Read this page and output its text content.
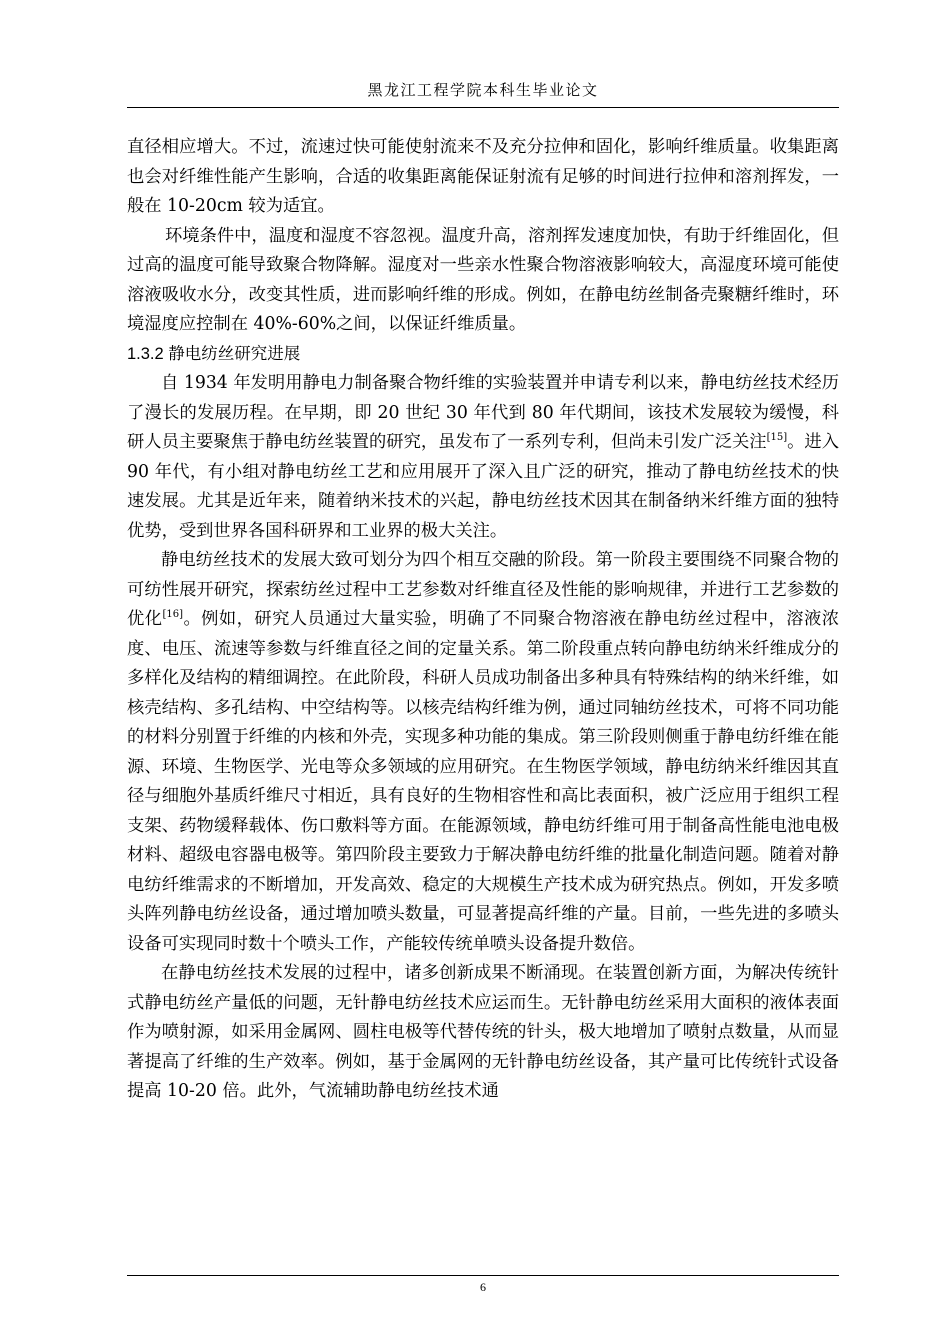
黑龙江工程学院本科生毕业论文

直径相应增大。不过，流速过快可能使射流来不及充分拉伸和固化，影响纤维质量。收集距离也会对纤维性能产生影响，合适的收集距离能保证射流有足够的时间进行拉伸和溶剂挥发，一般在 10-20cm 较为适宜。

环境条件中，温度和湿度不容忽视。温度升高，溶剂挥发速度加快，有助于纤维固化，但过高的温度可能导致聚合物降解。湿度对一些亲水性聚合物溶液影响较大，高湿度环境可能使溶液吸收水分，改变其性质，进而影响纤维的形成。例如，在静电纺丝制备壳聚糖纤维时，环境湿度应控制在 40%-60%之间，以保证纤维质量。

1.3.2 静电纺丝研究进展

自 1934 年发明用静电力制备聚合物纤维的实验装置并申请专利以来，静电纺丝技术经历了漫长的发展历程。在早期，即 20 世纪 30 年代到 80 年代期间，该技术发展较为缓慢，科研人员主要聚焦于静电纺丝装置的研究，虽发布了一系列专利，但尚未引发广泛关注[15]。进入 90 年代，有小组对静电纺丝工艺和应用展开了深入且广泛的研究，推动了静电纺丝技术的快速发展。尤其是近年来，随着纳米技术的兴起，静电纺丝技术因其在制备纳米纤维方面的独特优势，受到世界各国科研界和工业界的极大关注。

静电纺丝技术的发展大致可划分为四个相互交融的阶段。第一阶段主要围绕不同聚合物的可纺性展开研究，探索纺丝过程中工艺参数对纤维直径及性能的影响规律，并进行工艺参数的优化[16]。例如，研究人员通过大量实验，明确了不同聚合物溶液在静电纺丝过程中，溶液浓度、电压、流速等参数与纤维直径之间的定量关系。第二阶段重点转向静电纺纳米纤维成分的多样化及结构的精细调控。在此阶段，科研人员成功制备出多种具有特殊结构的纳米纤维，如核壳结构、多孔结构、中空结构等。以核壳结构纤维为例，通过同轴纺丝技术，可将不同功能的材料分别置于纤维的内核和外壳，实现多种功能的集成。第三阶段则侧重于静电纺纤维在能源、环境、生物医学、光电等众多领域的应用研究。在生物医学领域，静电纺纳米纤维因其直径与细胞外基质纤维尺寸相近，具有良好的生物相容性和高比表面积，被广泛应用于组织工程支架、药物缓释载体、伤口敷料等方面。在能源领域，静电纺纤维可用于制备高性能电池电极材料、超级电容器电极等。第四阶段主要致力于解决静电纺纤维的批量化制造问题。随着对静电纺纤维需求的不断增加，开发高效、稳定的大规模生产技术成为研究热点。例如，开发多喷头阵列静电纺丝设备，通过增加喷头数量，可显著提高纤维的产量。目前，一些先进的多喷头设备可实现同时数十个喷头工作，产能较传统单喷头设备提升数倍。

在静电纺丝技术发展的过程中，诸多创新成果不断涌现。在装置创新方面，为解决传统针式静电纺丝产量低的问题，无针静电纺丝技术应运而生。无针静电纺丝采用大面积的液体表面作为喷射源，如采用金属网、圆柱电极等代替传统的针头，极大地增加了喷射点数量，从而显著提高了纤维的生产效率。例如，基于金属网的无针静电纺丝设备，其产量可比传统针式设备提高 10-20 倍。此外，气流辅助静电纺丝技术通

6
